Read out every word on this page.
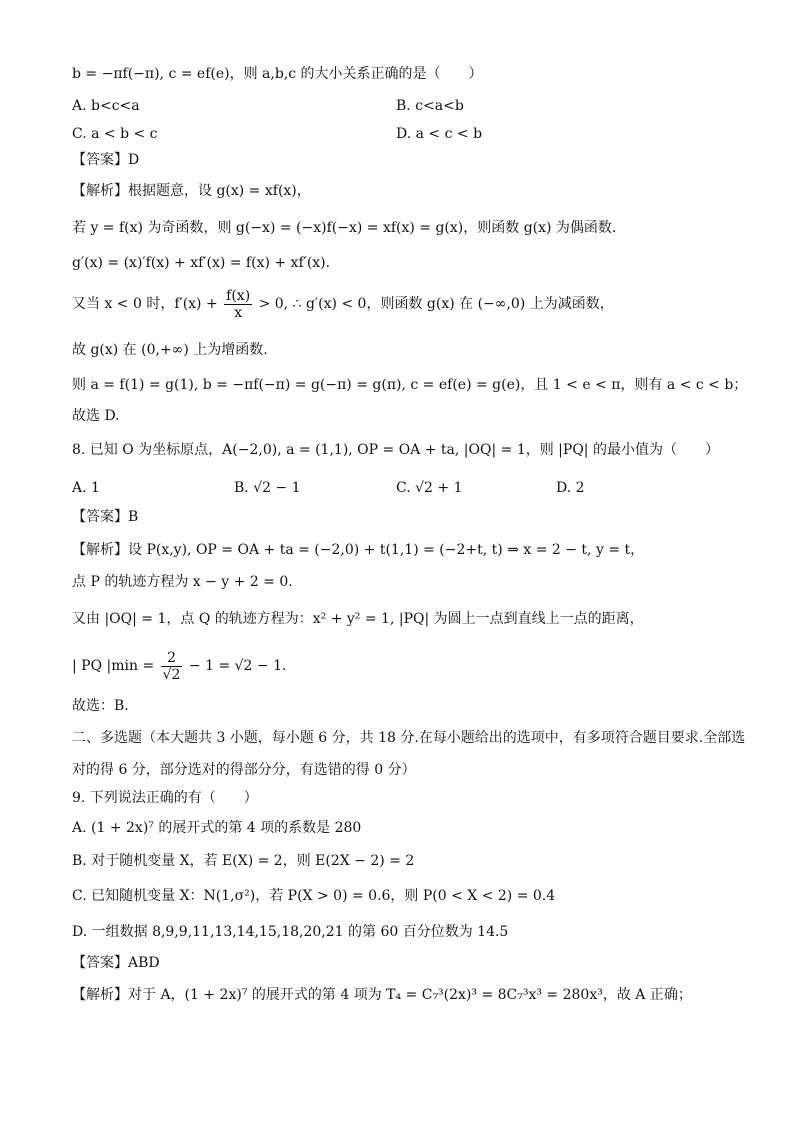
b = −πf(−π), c = ef(e)，则 a,b,c 的大小关系正确的是（　　）
A. b<c<a	B. c<a<b
C. a < b < c	D. a < c < b
【答案】D
【解析】根据题意，设 g(x) = xf(x)，
若 y = f(x) 为奇函数，则 g(−x) = (−x)f(−x) = xf(x) = g(x)，则函数 g(x) 为偶函数.
g′(x) = (x)′f(x) + xf′(x) = f(x) + xf′(x).
又当 x < 0 时，$f'(x) + \frac{f(x)}{x} > 0$, ∴ g′(x) < 0，则函数 g(x) 在 (−∞,0) 上为减函数，
故 g(x) 在 (0,+∞) 上为增函数.
则 a = f(1) = g(1), b = −πf(−π) = g(−π) = g(π), c = ef(e) = g(e)，且 1 < e < π，则有 a < c < b；
故选 D.
8. 已知 O 为坐标原点，A(−2,0), a = (1,1), OP = OA + ta, |OQ| = 1，则 |PQ| 的最小值为（　　）
A. 1	B. √2 − 1	C. √2 + 1	D. 2
【答案】B
【解析】设 P(x,y), OP = OA + ta = (−2,0) + t(1,1) = (−2+t, t) ⇒ x = 2 − t, y = t，
点 P 的轨迹方程为 x − y + 2 = 0.
又由 |OQ| = 1，点 Q 的轨迹方程为：x² + y² = 1, |PQ| 为圆上一点到直线上一点的距离，
| PQ $|\min = \frac{2}{√2} - 1 = √2 - 1$.
故选：B.
二、多选题（本大题共 3 小题，每小题 6 分，共 18 分.在每小题给出的选项中，有多项符合题目要求.全部选
对的得 6 分，部分选对的得部分分，有选错的得 0 分）
9. 下列说法正确的有（　　）
A. (1 + 2x)⁷ 的展开式的第 4 项的系数是 280
B. 对于随机变量 X，若 E(X) = 2，则 E(2X − 2) = 2
C. 已知随机变量 X：N(1,σ²)，若 P(X > 0) = 0.6，则 P(0 < X < 2) = 0.4
D. 一组数据 8,9,9,11,13,14,15,18,20,21 的第 60 百分位数为 14.5
【答案】ABD
【解析】对于 A，(1 + 2x)⁷ 的展开式的第 4 项为 T₄ = C₇³(2x)³ = 8C₇³x³ = 280x³，故 A 正确；
